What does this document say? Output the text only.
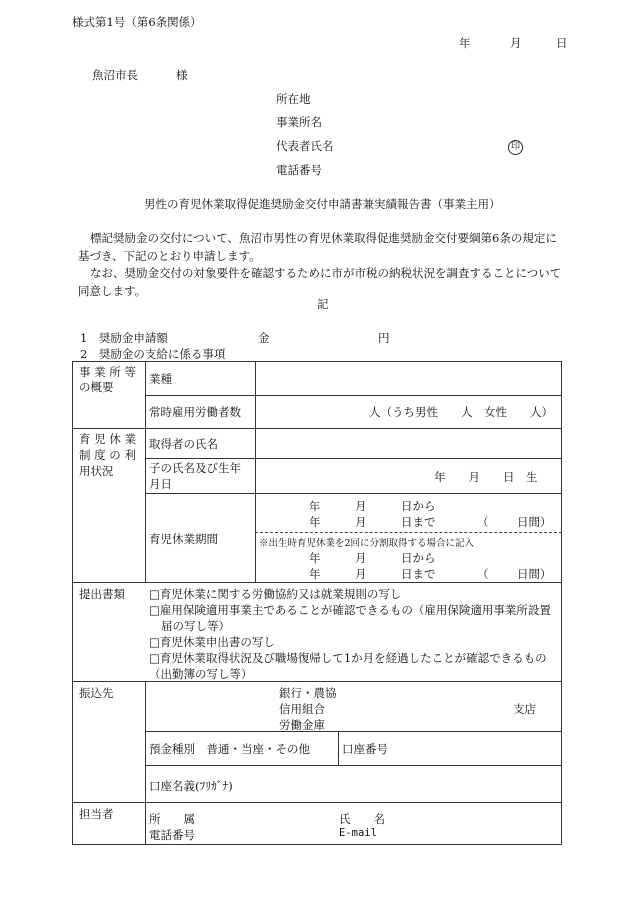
様式第1号（第6条関係）
年	月	日
魚沼市長	様
所在地
事業所名
代表者氏名	印
電話番号
男性の育児休業取得促進奨励金交付申請書兼実績報告書（事業主用）
標記奨励金の交付について、魚沼市男性の育児休業取得促進奨励金交付要綱第6条の規定に基づき、下記のとおり申請します。
なお、奨励金交付の対象要件を確認するために市が市税の納税状況を調査することについて同意します。
記
1　奨励金申請額	金	円
2　奨励金の支給に係る事項
事 業 所 等
の概要
業種
常時雇用労働者数	人（うち男性　　人　女性　　人）
育 児 休 業
制 度 の 利
用状況
取得者の氏名
子の氏名及び生年
月日	年　　月　　日　生
育児休業期間
年	月	日から
年	月	日まで	（ 日間）
※出生時育児休業を2回に分割取得する場合に記入
年	月	日から
年	月	日まで	（ 日間）
提出書類 □育児休業に関する労働協約又は就業規則の写し
□雇用保険適用事業主であることが確認できるもの（雇用保険適用事業所設置
届の写し等）
□育児休業申出書の写し
□育児休業取得状況及び職場復帰して1か月を経過したことが確認できるもの
（出勤簿の写し等）
振込先	銀行・農協
信用組合
労働金庫
支店
預金種別　普通・当座・その他	口座番号
口座名義(ﾌﾘｶﾞﾅ)
担当者	所　　属	氏　　名
電話番号	E-mail
